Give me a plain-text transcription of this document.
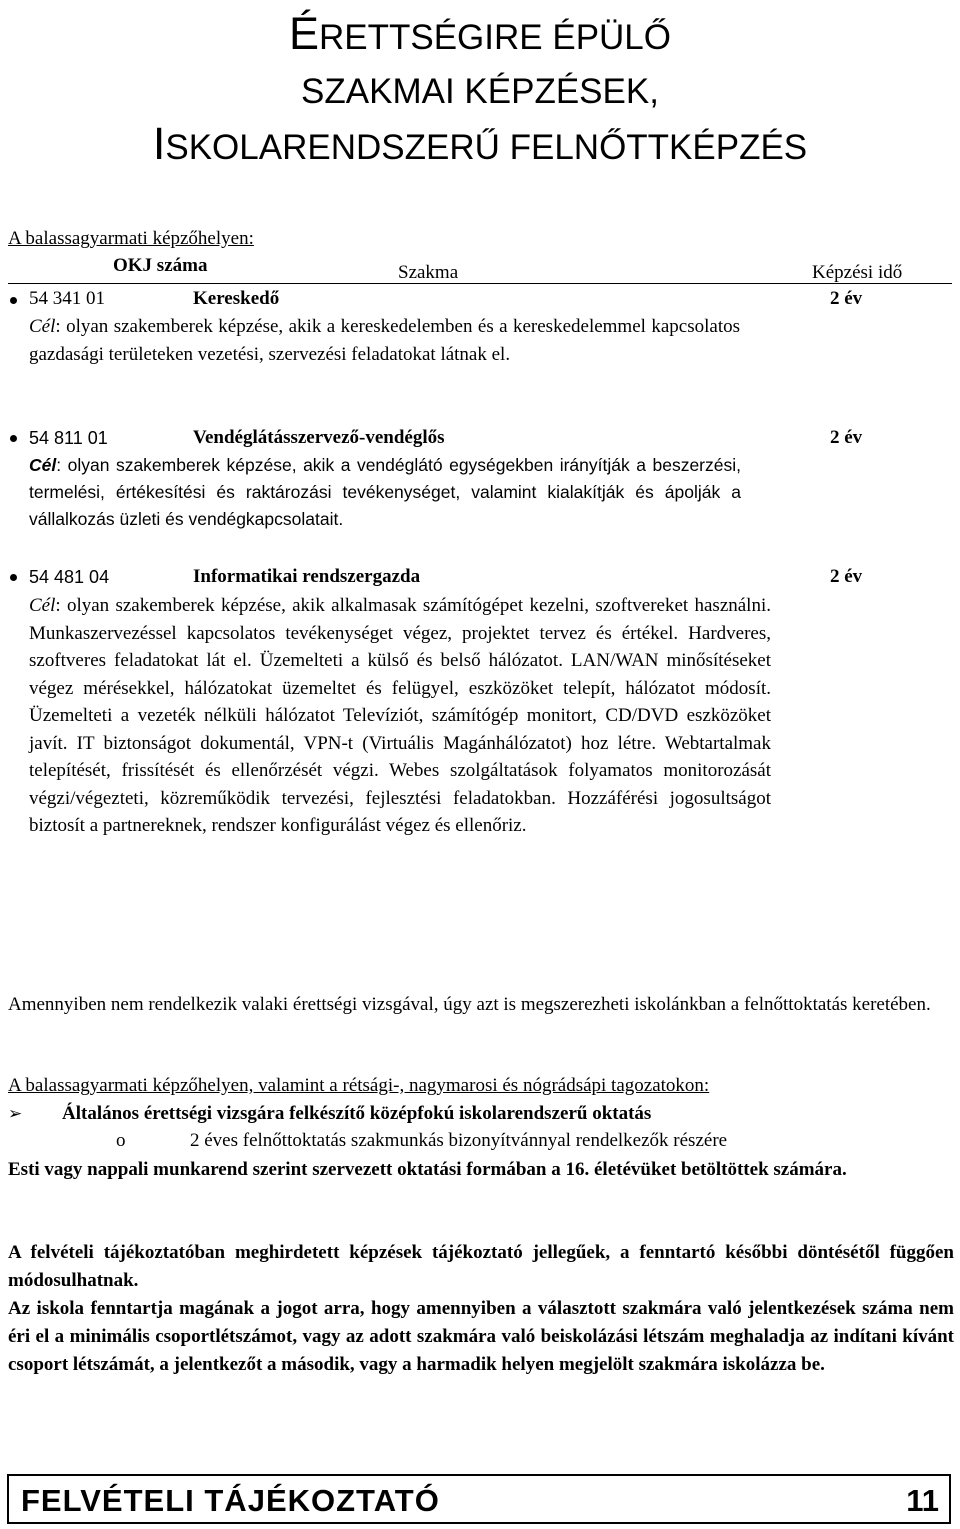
ÉRETTSÉGIRE ÉPÜLŐ
SZAKMAI KÉPZÉSEK,
ISKOLARENDSZERŰ FELNŐTTKÉPZÉS
A balassagyarmati képzőhelyen:
OKJ száma	Szakma	Képzési idő
54 341 01	Kereskedő	2 év
Cél: olyan szakemberek képzése, akik a kereskedelemben és a kereskedelemmel kapcsolatos gazdasági területeken vezetési, szervezési feladatokat látnak el.
54 811 01	Vendéglátásszervező-vendéglős	2 év
Cél: olyan szakemberek képzése, akik a vendéglátó egységekben irányítják a beszerzési, termelési, értékesítési és raktározási tevékenységet, valamint kialakítják és ápolják a vállalkozás üzleti és vendégkapcsolatait.
54 481 04	Informatikai rendszergazda	2 év
Cél: olyan szakemberek képzése, akik alkalmasak számítógépet kezelni, szoftvereket használni. Munkaszervezéssel kapcsolatos tevékenységet végez, projektet tervez és értékel. Hardveres, szoftveres feladatokat lát el. Üzemelteti a külső és belső hálózatot. LAN/WAN minősítéseket végez mérésekkel, hálózatokat üzemeltet és felügyel, eszközöket telepít, hálózatot módosít. Üzemelteti a vezeték nélküli hálózatot Televíziót, számítógép monitort, CD/DVD eszközöket javít. IT biztonságot dokumentál, VPN-t (Virtuális Magánhálózatot) hoz létre. Webtartalmak telepítését, frissítését és ellenőrzését végzi. Webes szolgáltatások folyamatos monitorozását végzi/végezteti, közreműködik tervezési, fejlesztési feladatokban. Hozzáférési jogosultságot biztosít a partnereknek, rendszer konfigurálást végez és ellenőriz.
Amennyiben nem rendelkezik valaki érettségi vizsgával, úgy azt is megszerezheti iskolánkban a felnőttoktatás keretében.
A balassagyarmati képzőhelyen, valamint a rétsági-, nagymarosi és nógrádsápi tagozatokon:
➢ Általános érettségi vizsgára felkészítő középfokú iskolarendszerű oktatás
o	2 éves felnőttoktatás szakmunkás bizonyítvánnyal rendelkezők részére
Esti vagy nappali munkarend szerint szervezett oktatási formában a 16. életévüket betöltöttek számára.
A felvételi tájékoztatóban meghirdetett képzések tájékoztató jellegűek, a fenntartó későbbi döntésétől függően módosulhatnak.
Az iskola fenntartja magának a jogot arra, hogy amennyiben a választott szakmára való jelentkezések száma nem éri el a minimális csoportlétszámot, vagy az adott szakmára való beiskolázási létszám meghaladja az indítani kívánt csoport létszámát, a jelentkezőt a második, vagy a harmadik helyen megjelölt szakmára iskolázza be.
FELVÉTELI TÁJÉKOZTATÓ	11
